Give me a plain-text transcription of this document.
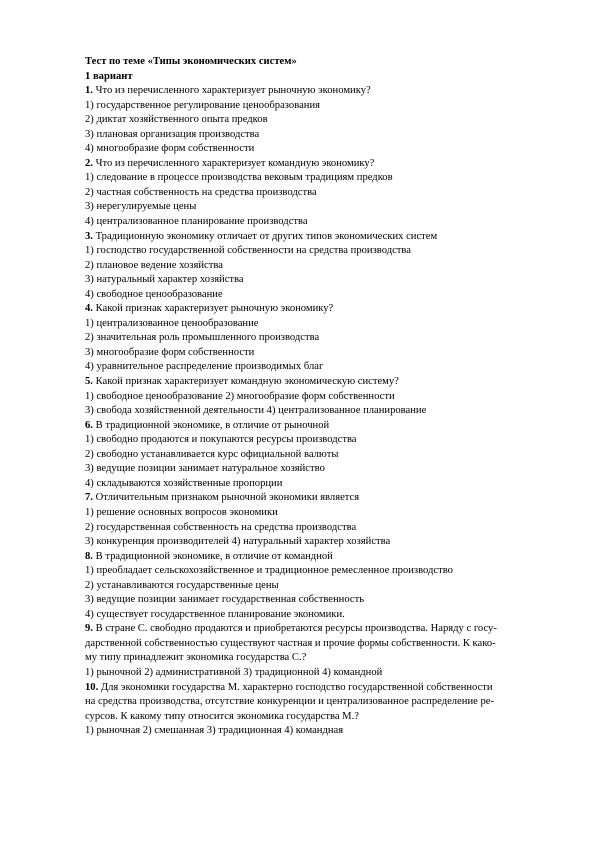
Тест по теме «Типы экономических систем»
1 вариант
1. Что из перечисленного характеризует рыночную экономику?
1) государственное регулирование ценообразования
2) диктат хозяйственного опыта предков
3) плановая организация производства
4) многообразие форм собственности
2. Что из перечисленного характеризует командную экономику?
1) следование в процессе производства вековым традициям предков
2) частная собственность на средства производства
3) нерегулируемые цены
4) централизованное планирование производства
3. Традиционную экономику отличает от других типов экономических систем
1) господство государственной собственности на средства производства
2) плановое ведение хозяйства
3) натуральный характер хозяйства
4) свободное ценообразование
4. Какой признак характеризует рыночную экономику?
1) централизованное ценообразование
2) значительная роль промышленного производства
3) многообразие форм собственности
4) уравнительное распределение производимых благ
5. Какой признак характеризует командную экономическую систему?
1) свободное ценообразование 2) многообразие форм собственности
3) свобода хозяйственной деятельности 4) централизованное планирование
6. В традиционной экономике, в отличие от рыночной
1) свободно продаются и покупаются ресурсы производства
2) свободно устанавливается курс официальной валюты
3) ведущие позиции занимает натуральное хозяйство
4) складываются хозяйственные пропорции
7. Отличительным признаком рыночной экономики является
1) решение основных вопросов экономики
2) государственная собственность на средства производства
3) конкуренция производителей 4) натуральный характер хозяйства
8. В традиционной экономике, в отличие от командной
1) преобладает сельскохозяйственное и традиционное ремесленное производство
2) устанавливаются государственные цены
3) ведущие позиции занимает государственная собственность
4) существует государственное планирование экономики.
9. В стране С. свободно продаются и приобретаются ресурсы производства. Наряду с госу-
дарственной собственностью существуют частная и прочие формы собственности. К како-
му типу принадлежит экономика государства С.?
1) рыночной 2) административной 3) традиционной 4) командной
10. Для экономики государства М. характерно господство государственной собственности
на средства производства, отсутствие конкуренции и централизованное распределение ре-
сурсов. К какому типу относится экономика государства М.?
1) рыночная 2) смешанная 3) традиционная 4) командная
